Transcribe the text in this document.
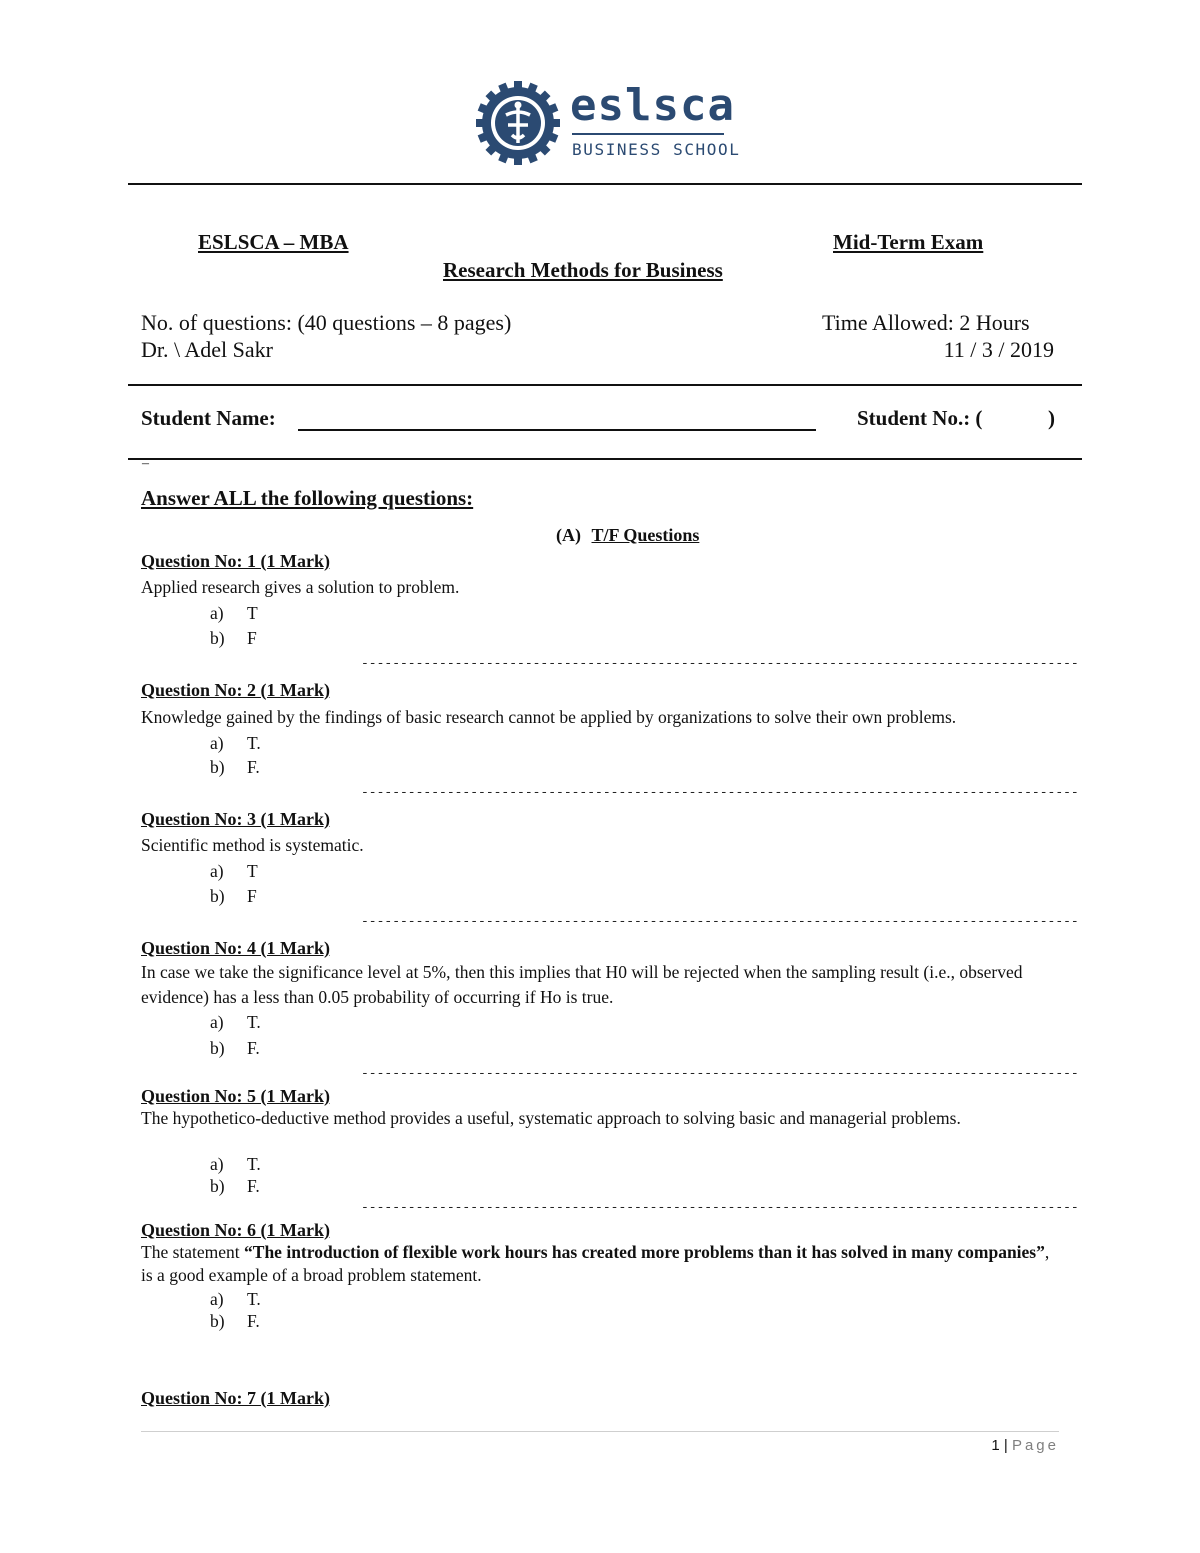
eslsca
BUSINESS SCHOOL
ESLSCA – MBA	Mid-Term Exam
Research Methods for Business
No. of questions: (40 questions – 8 pages)	Time Allowed: 2 Hours
Dr. \ Adel Sakr	11 / 3 / 2019
Student Name:	Student No.: (	)
–
Answer ALL the following questions:
(A) T/F Questions
Question No: 1 (1 Mark)
Applied research gives a solution to problem.
a) T
b) F
--------------------------------------------------------------------------------------------
Question No: 2 (1 Mark)
Knowledge gained by the findings of basic research cannot be applied by organizations to solve their own problems.
a) T.
b) F.
--------------------------------------------------------------------------------------------
Question No: 3 (1 Mark)
Scientific method is systematic.
a) T
b) F
--------------------------------------------------------------------------------------------
Question No: 4 (1 Mark)
In case we take the significance level at 5%, then this implies that H0 will be rejected when the sampling result (i.e., observed evidence) has a less than 0.05 probability of occurring if Ho is true.
a) T.
b) F.
--------------------------------------------------------------------------------------------
Question No: 5 (1 Mark)
The hypothetico-deductive method provides a useful, systematic approach to solving basic and managerial problems.
a) T.
b) F.
--------------------------------------------------------------------------------------------
Question No: 6 (1 Mark)
The statement “The introduction of flexible work hours has created more problems than it has solved in many companies”, is a good example of a broad problem statement.
a) T.
b) F.
Question No: 7 (1 Mark)
1 | Page
